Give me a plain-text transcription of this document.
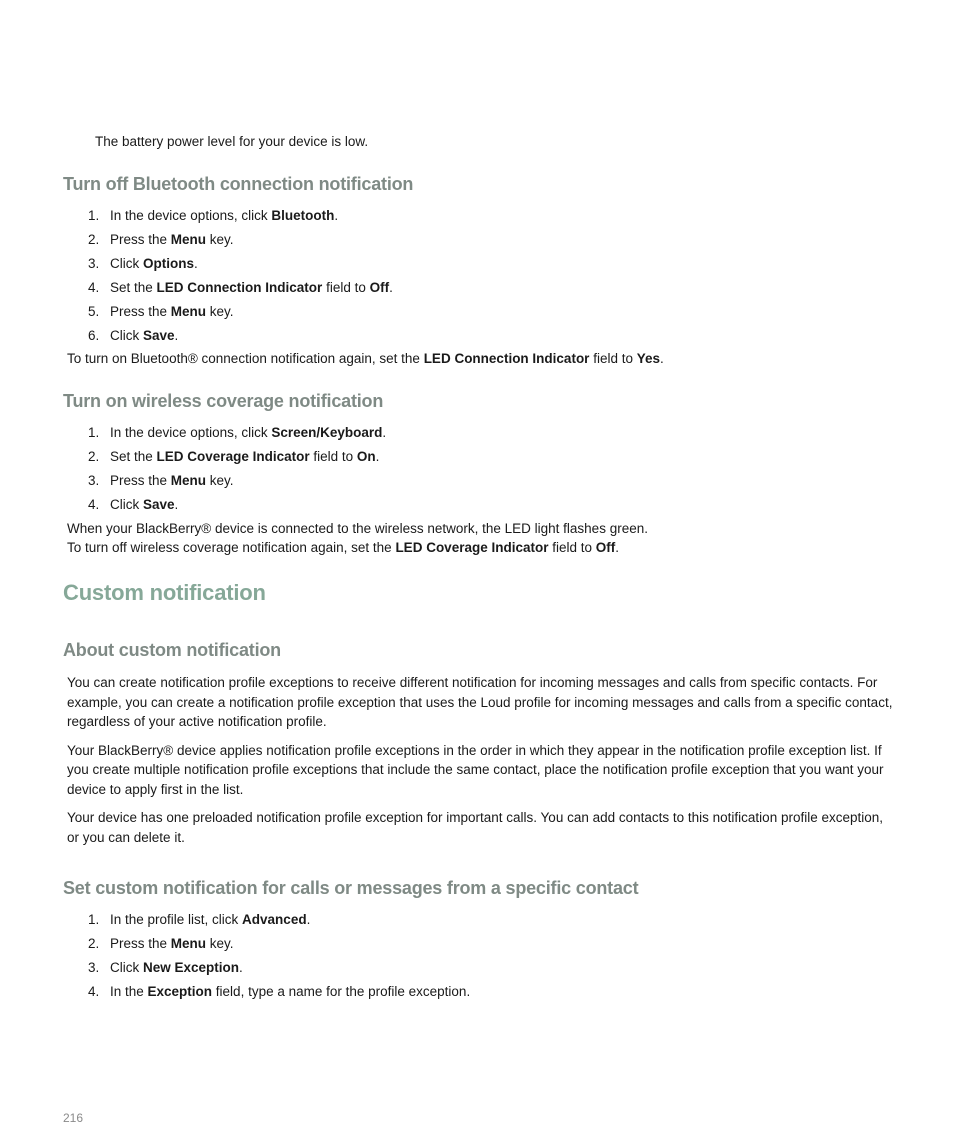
The battery power level for your device is low.
Turn off Bluetooth connection notification
1. In the device options, click Bluetooth.
2. Press the Menu key.
3. Click Options.
4. Set the LED Connection Indicator field to Off.
5. Press the Menu key.
6. Click Save.
To turn on Bluetooth® connection notification again, set the LED Connection Indicator field to Yes.
Turn on wireless coverage notification
1. In the device options, click Screen/Keyboard.
2. Set the LED Coverage Indicator field to On.
3. Press the Menu key.
4. Click Save.
When your BlackBerry® device is connected to the wireless network, the LED light flashes green.
To turn off wireless coverage notification again, set the LED Coverage Indicator field to Off.
Custom notification
About custom notification

You can create notification profile exceptions to receive different notification for incoming messages and calls from specific contacts. For example, you can create a notification profile exception that uses the Loud profile for incoming messages and calls from a specific contact, regardless of your active notification profile.

Your BlackBerry® device applies notification profile exceptions in the order in which they appear in the notification profile exception list. If you create multiple notification profile exceptions that include the same contact, place the notification profile exception that you want your device to apply first in the list.

Your device has one preloaded notification profile exception for important calls. You can add contacts to this notification profile exception, or you can delete it.

Set custom notification for calls or messages from a specific contact
1. In the profile list, click Advanced.
2. Press the Menu key.
3. Click New Exception.
4. In the Exception field, type a name for the profile exception.
216
